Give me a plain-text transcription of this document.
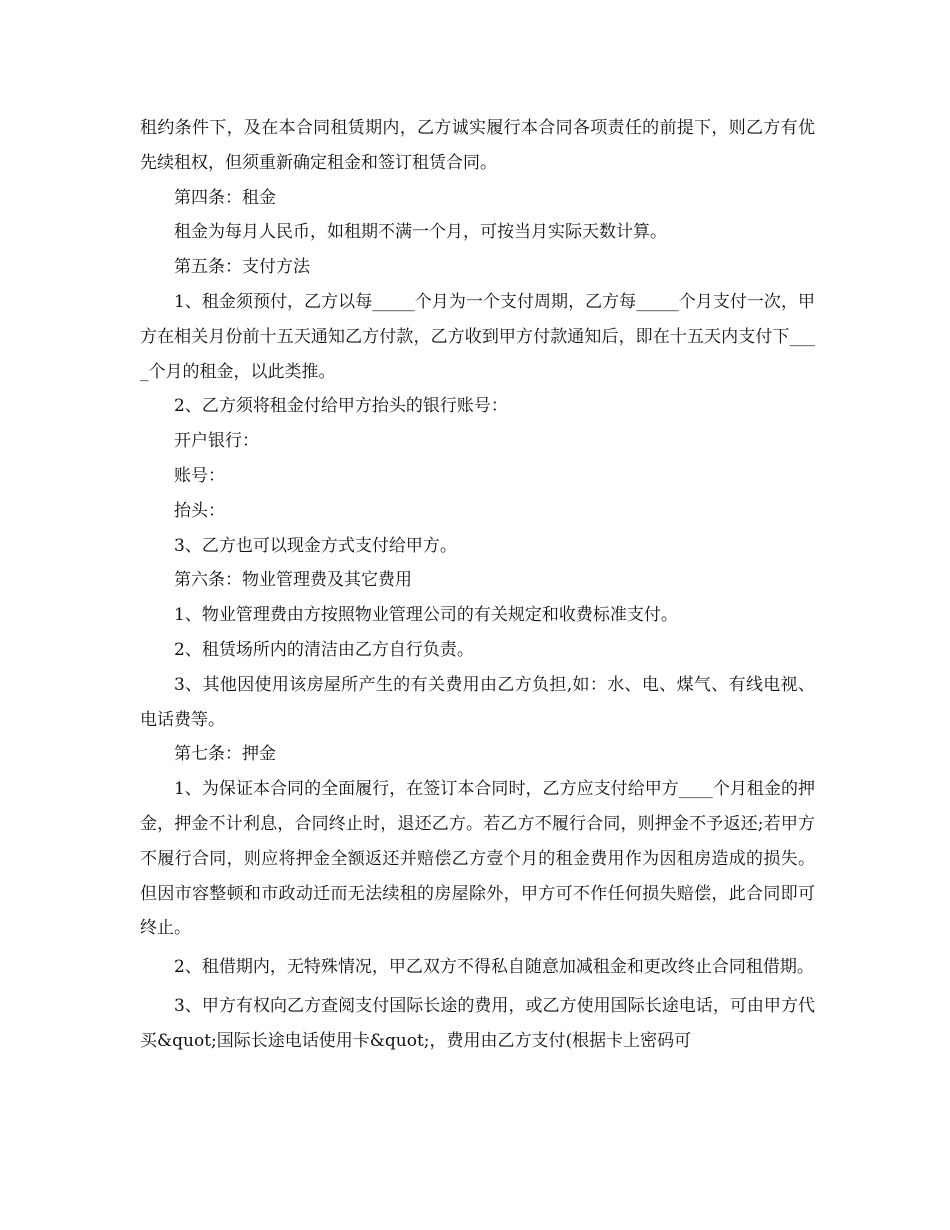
租约条件下，及在本合同租赁期内，乙方诚实履行本合同各项责任的前提下，则乙方有优先续租权，但须重新确定租金和签订租赁合同。

第四条：租金

租金为每月人民币，如租期不满一个月，可按当月实际天数计算。

第五条：支付方法

1、租金须预付，乙方以每_____个月为一个支付周期，乙方每_____个月支付一次，甲方在相关月份前十五天通知乙方付款，乙方收到甲方付款通知后，即在十五天内支付下____个月的租金，以此类推。

2、乙方须将租金付给甲方抬头的银行账号：

开户银行：

账号：

抬头：

3、乙方也可以现金方式支付给甲方。

第六条：物业管理费及其它费用

1、物业管理费由方按照物业管理公司的有关规定和收费标准支付。

2、租赁场所内的清洁由乙方自行负责。

3、其他因使用该房屋所产生的有关费用由乙方负担,如：水、电、煤气、有线电视、电话费等。

第七条：押金

1、为保证本合同的全面履行，在签订本合同时，乙方应支付给甲方____个月租金的押金，押金不计利息，合同终止时，退还乙方。若乙方不履行合同，则押金不予返还;若甲方不履行合同，则应将押金全额返还并赔偿乙方壹个月的租金费用作为因租房造成的损失。但因市容整顿和市政动迁而无法续租的房屋除外，甲方可不作任何损失赔偿，此合同即可终止。

2、租借期内，无特殊情况，甲乙双方不得私自随意加减租金和更改终止合同租借期。

3、甲方有权向乙方查阅支付国际长途的费用，或乙方使用国际长途电话，可由甲方代买&quot;国际长途电话使用卡&quot;，费用由乙方支付(根据卡上密码可
